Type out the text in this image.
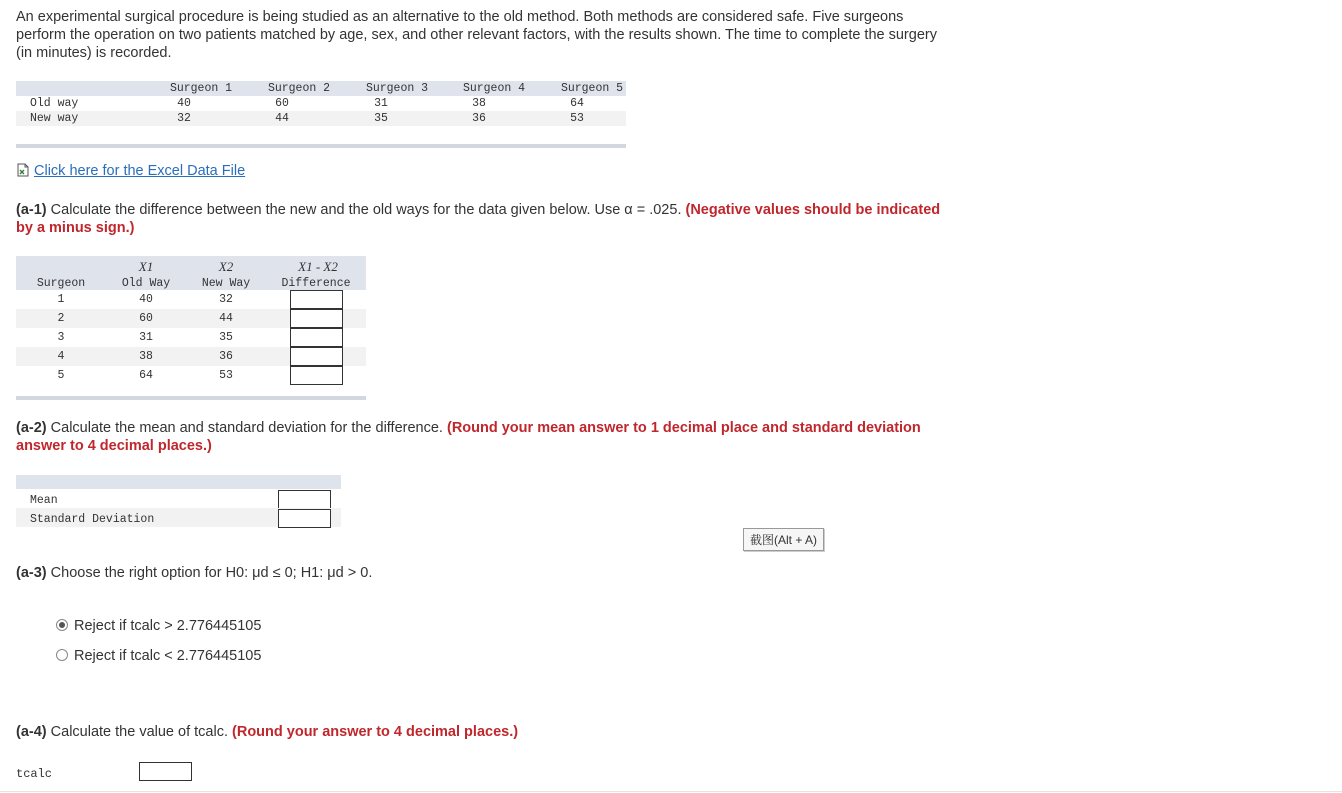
An experimental surgical procedure is being studied as an alternative to the old method. Both methods are considered safe. Five surgeons perform the operation on two patients matched by age, sex, and other relevant factors, with the results shown. The time to complete the surgery (in minutes) is recorded.
Surgeon 1	Surgeon 2	Surgeon 3	Surgeon 4	Surgeon 5
Old way	40	60	31	38	64
New way	32	44	35	36	53
Click here for the Excel Data File
(a-1) Calculate the difference between the new and the old ways for the data given below. Use α = .025. (Negative values should be indicated by a minus sign.)
X1	X2	X1 - X2
Surgeon	Old Way	New Way	Difference
1	40	32
2	60	44
3	31	35
4	38	36
5	64	53
(a-2) Calculate the mean and standard deviation for the difference. (Round your mean answer to 1 decimal place and standard deviation answer to 4 decimal places.)
Mean
Standard Deviation
截图(Alt + A)
(a-3) Choose the right option for H0: μd ≤ 0; H1: μd > 0.
Reject if tcalc > 2.776445105
Reject if tcalc < 2.776445105
(a-4) Calculate the value of tcalc. (Round your answer to 4 decimal places.)
tcalc
